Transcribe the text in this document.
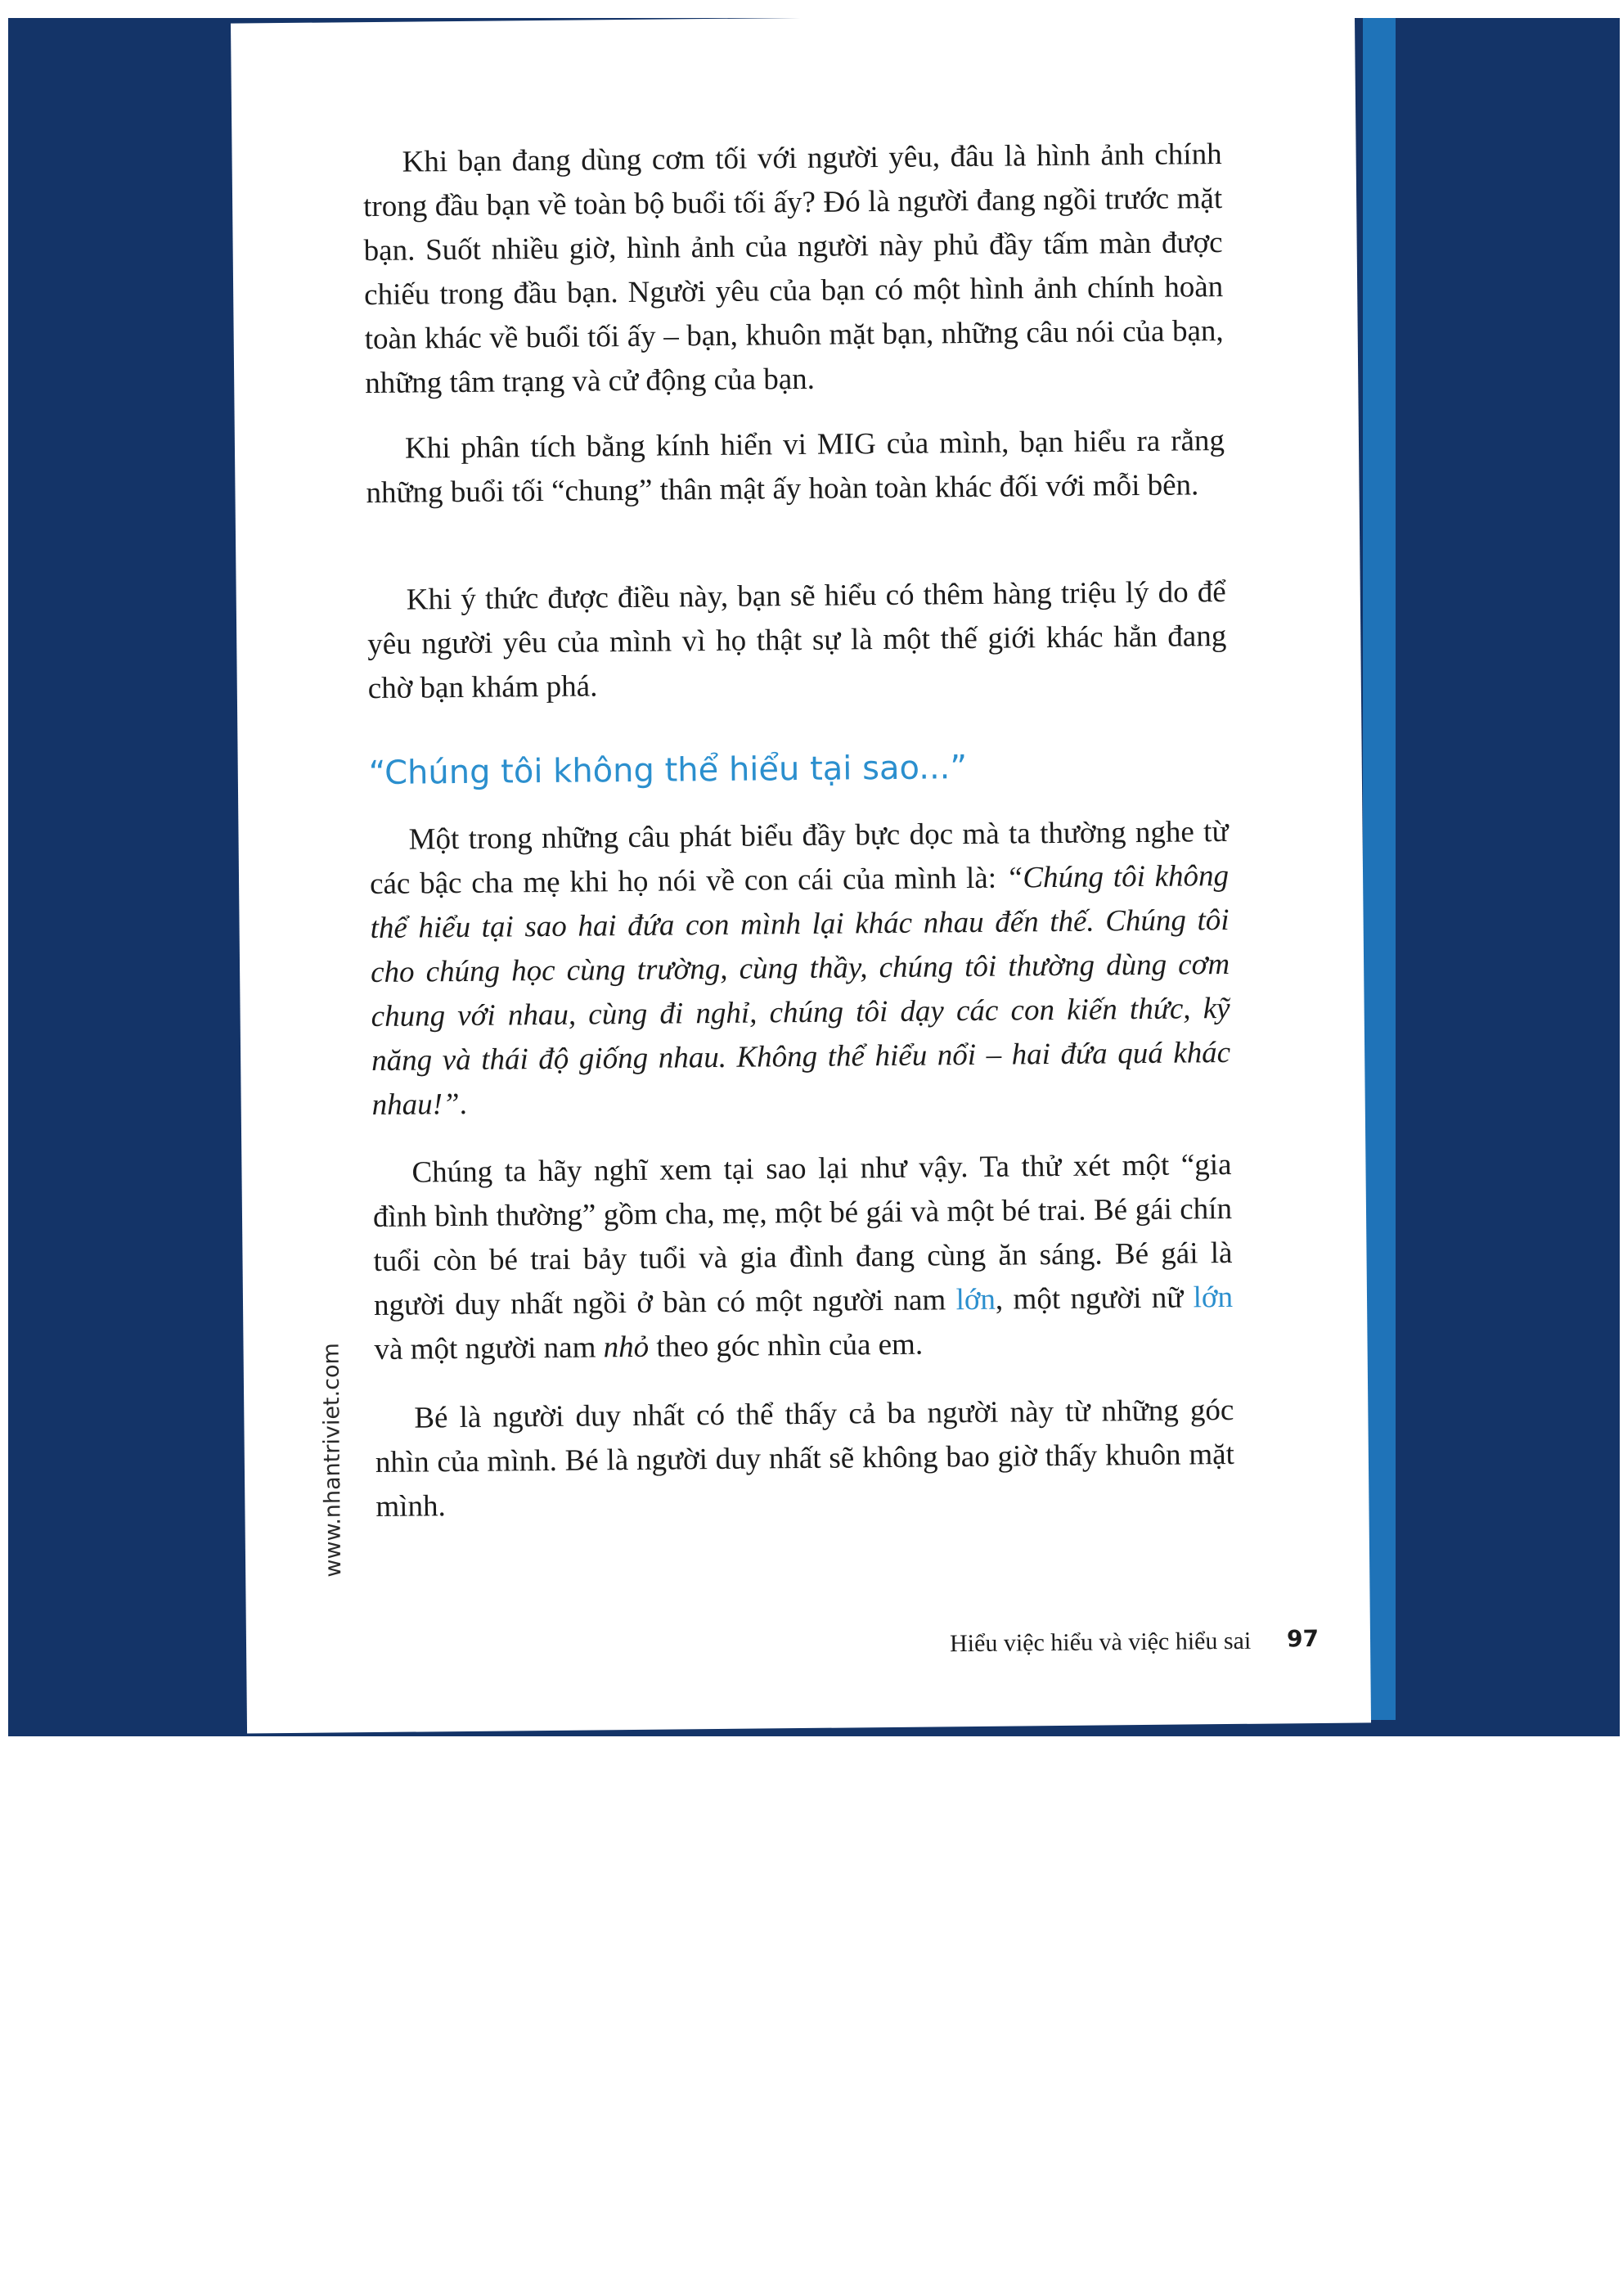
Khi bạn đang dùng cơm tối với người yêu, đâu là hình ảnh chính trong đầu bạn về toàn bộ buổi tối ấy? Đó là người đang ngồi trước mặt bạn. Suốt nhiều giờ, hình ảnh của người này phủ đầy tấm màn được chiếu trong đầu bạn. Người yêu của bạn có một hình ảnh chính hoàn toàn khác về buổi tối ấy – bạn, khuôn mặt bạn, những câu nói của bạn, những tâm trạng và cử động của bạn.

Khi phân tích bằng kính hiển vi MIG của mình, bạn hiểu ra rằng những buổi tối “chung” thân mật ấy hoàn toàn khác đối với mỗi bên.

Khi ý thức được điều này, bạn sẽ hiểu có thêm hàng triệu lý do để yêu người yêu của mình vì họ thật sự là một thế giới khác hẳn đang chờ bạn khám phá.

“Chúng tôi không thể hiểu tại sao...”

Một trong những câu phát biểu đầy bực dọc mà ta thường nghe từ các bậc cha mẹ khi họ nói về con cái của mình là: “Chúng tôi không thể hiểu tại sao hai đứa con mình lại khác nhau đến thế. Chúng tôi cho chúng học cùng trường, cùng thầy, chúng tôi thường dùng cơm chung với nhau, cùng đi nghỉ, chúng tôi dạy các con kiến thức, kỹ năng và thái độ giống nhau. Không thể hiểu nổi – hai đứa quá khác nhau!”.

Chúng ta hãy nghĩ xem tại sao lại như vậy. Ta thử xét một “gia đình bình thường” gồm cha, mẹ, một bé gái và một bé trai. Bé gái chín tuổi còn bé trai bảy tuổi và gia đình đang cùng ăn sáng. Bé gái là người duy nhất ngồi ở bàn có một người nam lớn, một người nữ lớn và một người nam nhỏ theo góc nhìn của em.

Bé là người duy nhất có thể thấy cả ba người này từ những góc nhìn của mình. Bé là người duy nhất sẽ không bao giờ thấy khuôn mặt mình.

www.nhantriviet.com
Hiểu việc hiểu và việc hiểu sai 97
